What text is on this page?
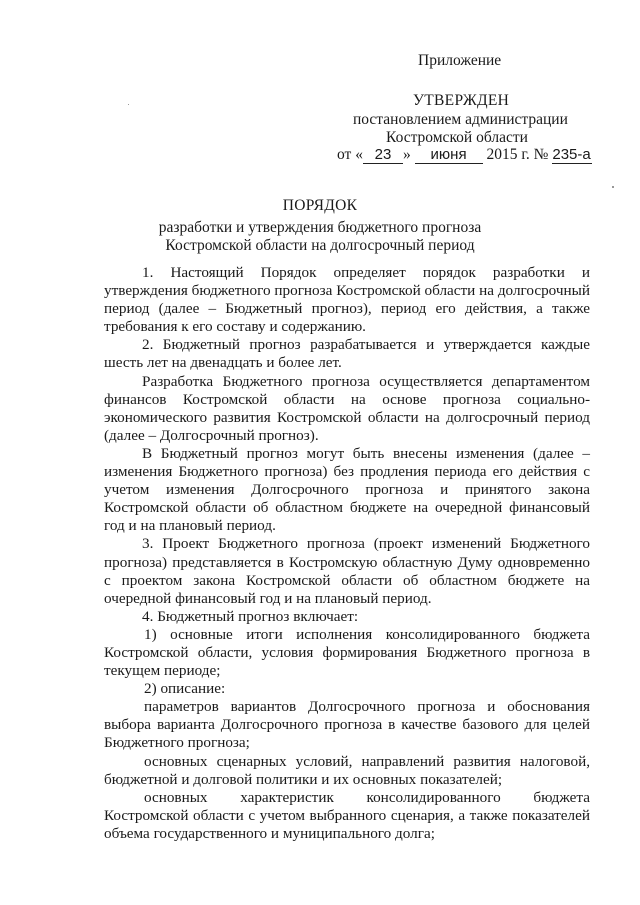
Приложение
УТВЕРЖДЕН
постановлением администрации
Костромской области
от « 23 » июня 2015 г. № 235-а
ПОРЯДОК
разработки и утверждения бюджетного прогноза
Костромской области на долгосрочный период

1. Настоящий Порядок определяет порядок разработки и утверждения бюджетного прогноза Костромской области на долгосрочный период (далее – Бюджетный прогноз), период его действия, а также требования к его составу и содержанию.

2. Бюджетный прогноз разрабатывается и утверждается каждые шесть лет на двенадцать и более лет.

Разработка Бюджетного прогноза осуществляется департаментом финансов Костромской области на основе прогноза социально-экономического развития Костромской области на долгосрочный период (далее – Долгосрочный прогноз).

В Бюджетный прогноз могут быть внесены изменения (далее – изменения Бюджетного прогноза) без продления периода его действия с учетом изменения Долгосрочного прогноза и принятого закона Костромской области об областном бюджете на очередной финансовый год и на плановый период.

3. Проект Бюджетного прогноза (проект изменений Бюджетного прогноза) представляется в Костромскую областную Думу одновременно с проектом закона Костромской области об областном бюджете на очередной финансовый год и на плановый период.

4. Бюджетный прогноз включает:

1) основные итоги исполнения консолидированного бюджета Костромской области, условия формирования Бюджетного прогноза в текущем периоде;

2) описание:

параметров вариантов Долгосрочного прогноза и обоснования выбора варианта Долгосрочного прогноза в качестве базового для целей Бюджетного прогноза;

основных сценарных условий, направлений развития налоговой, бюджетной и долговой политики и их основных показателей;

основных характеристик консолидированного бюджета Костромской области с учетом выбранного сценария, а также показателей объема государственного и муниципального долга;
